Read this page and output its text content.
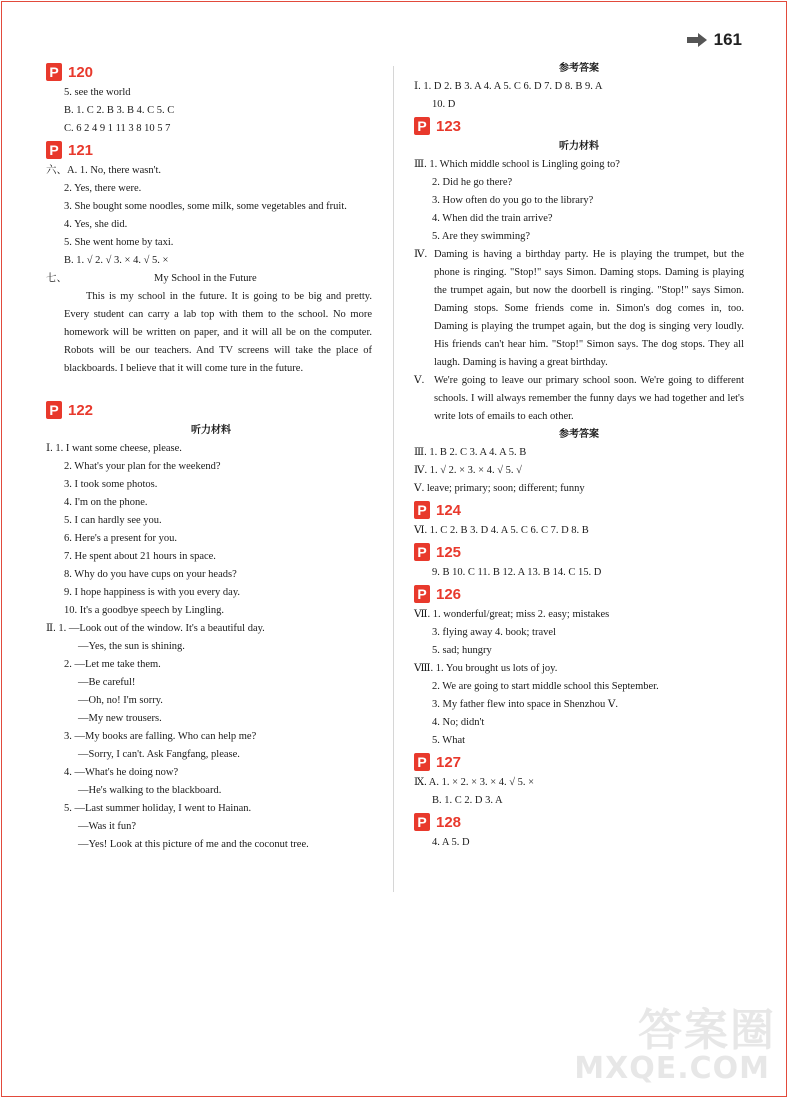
161
P 120
5. see the world
B. 1. C 2. B 3. B 4. C 5. C
C. 6 2 4 9 1 11 3 8 10 5 7
P 121
六、A. 1. No, there wasn't.
2. Yes, there were.
3. She bought some noodles, some milk, some vegetables and fruit.
4. Yes, she did.
5. She went home by taxi.
B. 1. √ 2. √ 3. × 4. √ 5. ×
七、	My School in the Future
This is my school in the future. It is going to be big and pretty. Every student can carry a lab top with them to the school. No more homework will be written on paper, and it will all be on the computer. Robots will be our teachers. And TV screens will take the place of blackboards. I believe that it will come ture in the future.
P 122
听力材料
Ⅰ. 1. I want some cheese, please.
2. What's your plan for the weekend?
3. I took some photos.
4. I'm on the phone.
5. I can hardly see you.
6. Here's a present for you.
7. He spent about 21 hours in space.
8. Why do you have cups on your heads?
9. I hope happiness is with you every day.
10. It's a goodbye speech by Lingling.
Ⅱ. 1. —Look out of the window. It's a beautiful day.
—Yes, the sun is shining.
2. —Let me take them.
—Be careful!
—Oh, no! I'm sorry.
—My new trousers.
3. —My books are falling. Who can help me?
—Sorry, I can't. Ask Fangfang, please.
4. —What's he doing now?
—He's walking to the blackboard.
5. —Last summer holiday, I went to Hainan.
—Was it fun?
—Yes! Look at this picture of me and the coconut tree.
参考答案
Ⅰ. 1. D 2. B 3. A 4. A 5. C 6. D 7. D 8. B 9. A
10. D
P 123
听力材料
Ⅲ. 1. Which middle school is Lingling going to?
2. Did he go there?
3. How often do you go to the library?
4. When did the train arrive?
5. Are they swimming?
Ⅳ. Daming is having a birthday party. He is playing the trumpet, but the phone is ringing. "Stop!" says Simon. Daming stops. Daming is playing the trumpet again, but now the doorbell is ringing. "Stop!" says Simon. Daming stops. Some friends come in. Simon's dog comes in, too. Daming is playing the trumpet again, but the dog is singing very loudly. His friends can't hear him. "Stop!" Simon says. The dog stops. They all laugh. Daming is having a great birthday.
Ⅴ. We're going to leave our primary school soon. We're going to different schools. I will always remember the funny days we had together and let's write lots of emails to each other.
参考答案
Ⅲ. 1. B 2. C 3. A 4. A 5. B
Ⅳ. 1. √ 2. × 3. × 4. √ 5. √
Ⅴ. leave; primary; soon; different; funny
P 124
Ⅵ. 1. C 2. B 3. D 4. A 5. C 6. C 7. D 8. B
P 125
9. B 10. C 11. B 12. A 13. B 14. C 15. D
P 126
Ⅶ. 1. wonderful/great; miss 2. easy; mistakes
3. flying away 4. book; travel
5. sad; hungry
Ⅷ. 1. You brought us lots of joy.
2. We are going to start middle school this September.
3. My father flew into space in Shenzhou Ⅴ.
4. No; didn't
5. What
P 127
Ⅸ. A. 1. × 2. × 3. × 4. √ 5. ×
B. 1. C 2. D 3. A
P 128
4. A 5. D
答案圈
MXQE.COM
